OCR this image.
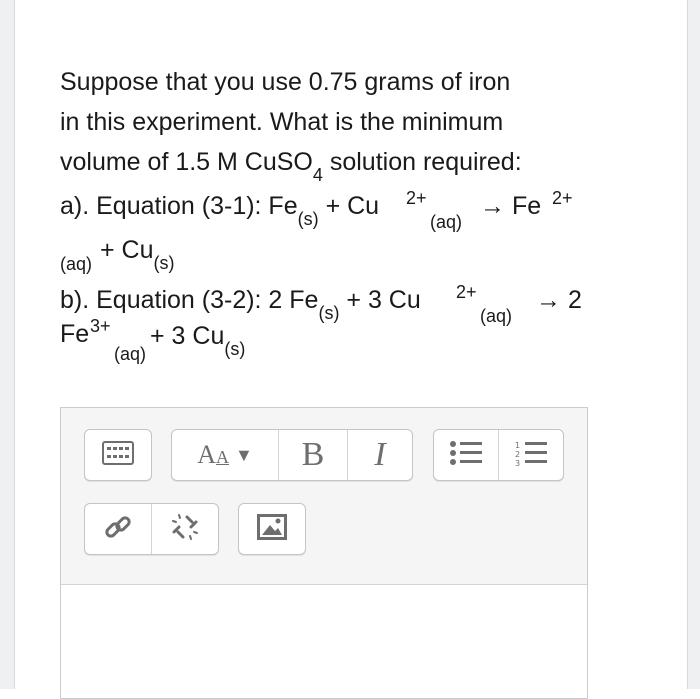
Suppose that you use 0.75 grams of iron

in this experiment. What is the minimum

volume of 1.5 M CuSO$_4$ solution required:

a). Equation (3-1): $Fe_{(s)} + Cu$ 2+
(aq)
→ Fe 2+
$(aq) + Cu_{(s)}$
b). Equation (3-2): 2 $Fe_{(s)} + 3$ Cu 2+
(aq)
→ 2
3+
Fe
(aq)
+ 3 $Cu_{(s)}$
AA ▼ B I	1
2
3
